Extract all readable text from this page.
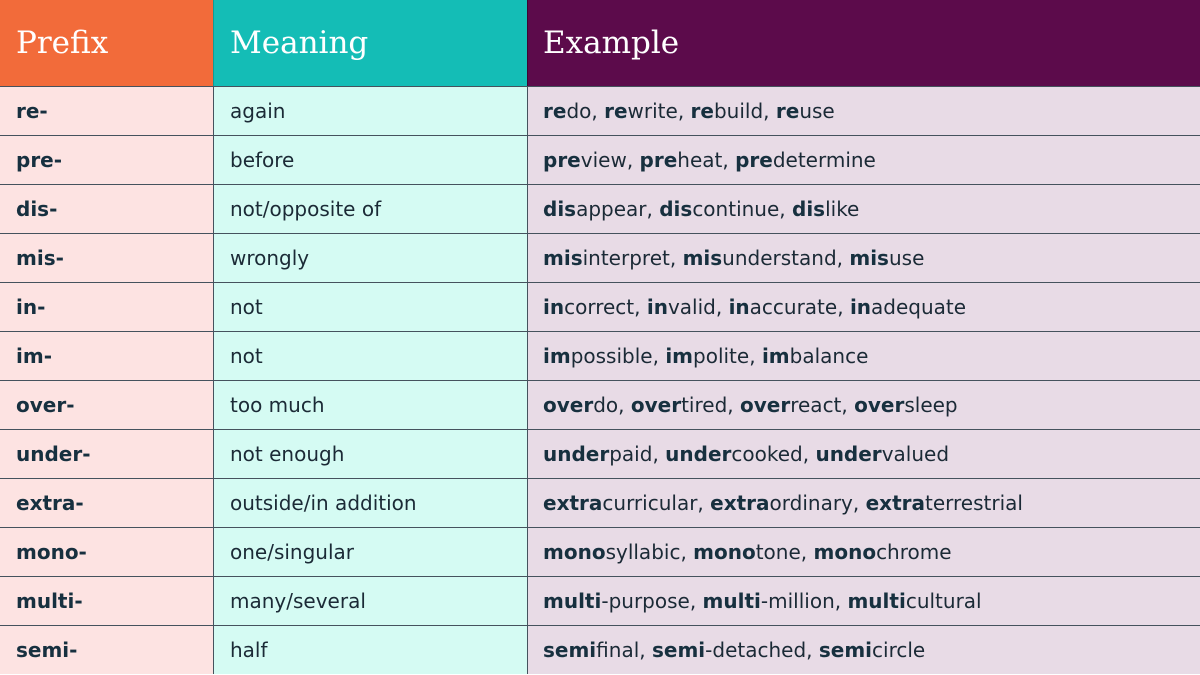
Prefix	Meaning	Example
re-	again	redo , rewrite , rebuild , reuse
pre-	before	preview , preheat , predetermine
dis-	not/opposite of	disappear , discontinue , dislike
mis-	wrongly	misinterpret , misunderstand , misuse
in-	not	incorrect , invalid , inaccurate , inadequate
im-	not	impossible , impolite , imbalance
over-	too much	overdo , overtired , overreact , oversleep
under-	not enough	underpaid , undercooked , undervalued
extra-	outside/in addition	extracurricular , extraordinary , extraterrestrial
mono-	one/singular	monosyllabic , monotone , monochrome
multi-	many/several	multi-purpose , multi-million , multicultural
semi-	half	semifinal , semi-detached , semicircle
